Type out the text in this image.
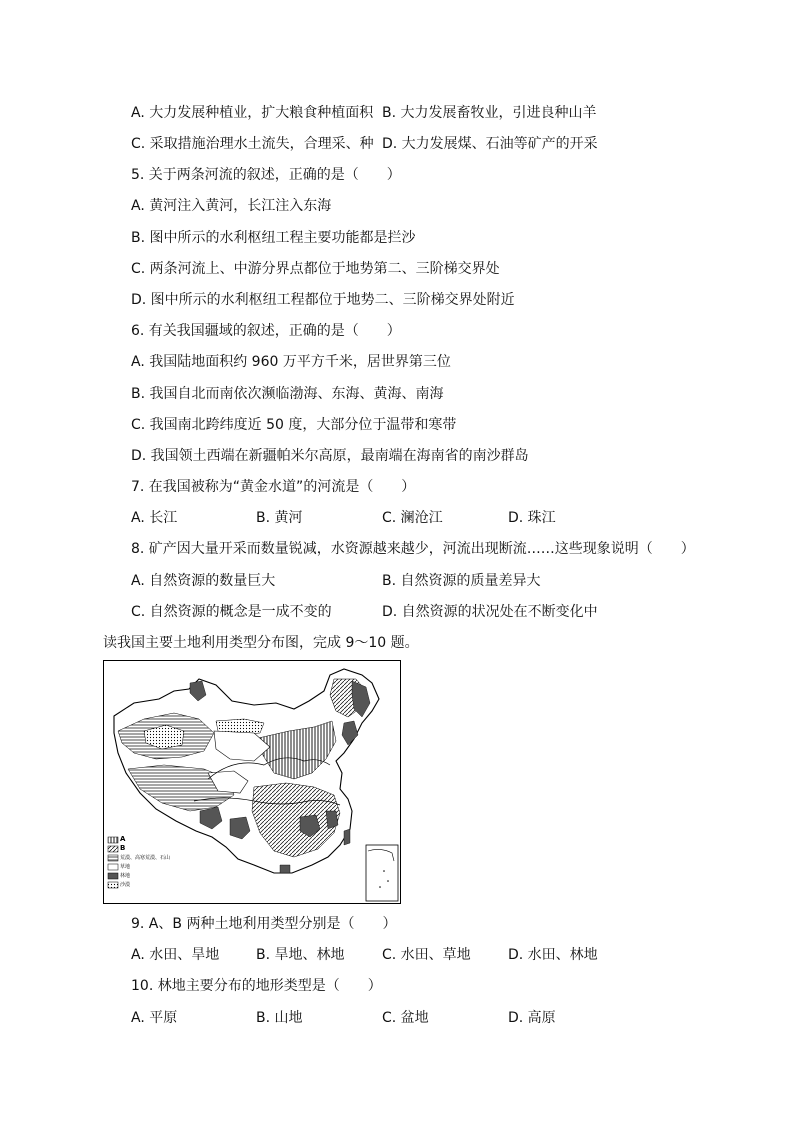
A. 大力发展种植业，扩大粮食种植面积 B. 大力发展畜牧业，引进良种山羊
C. 采取措施治理水土流失，合理采、种 D. 大力发展煤、石油等矿产的开采
5. 关于两条河流的叙述，正确的是（　　）
A. 黄河注入黄河，长江注入东海
B. 图中所示的水利枢纽工程主要功能都是拦沙
C. 两条河流上、中游分界点都位于地势第二、三阶梯交界处
D. 图中所示的水利枢纽工程都位于地势二、三阶梯交界处附近
6. 有关我国疆域的叙述，正确的是（　　）
A. 我国陆地面积约 960 万平方千米，居世界第三位
B. 我国自北而南依次濒临渤海、东海、黄海、南海
C. 我国南北跨纬度近 50 度，大部分位于温带和寒带
D. 我国领土西端在新疆帕米尔高原，最南端在海南省的南沙群岛
7. 在我国被称为“黄金水道”的河流是（　　）
A. 长江	B. 黄河	C. 澜沧江	D. 珠江
8. 矿产因大量开采而数量锐减，水资源越来越少，河流出现断流……这些现象说明（　　）
A. 自然资源的数量巨大	B. 自然资源的质量差异大
C. 自然资源的概念是一成不变的	D. 自然资源的状况处在不断变化中
读我国主要土地利用类型分布图，完成 9～10 题。
A
B
荒漠、高寒荒漠、石山
草地
林地
沙漠
9. A、B 两种土地利用类型分别是（　　）
A. 水田、旱地	B. 旱地、林地	C. 水田、草地	D. 水田、林地
10. 林地主要分布的地形类型是（　　）
A. 平原	B. 山地	C. 盆地	D. 高原
